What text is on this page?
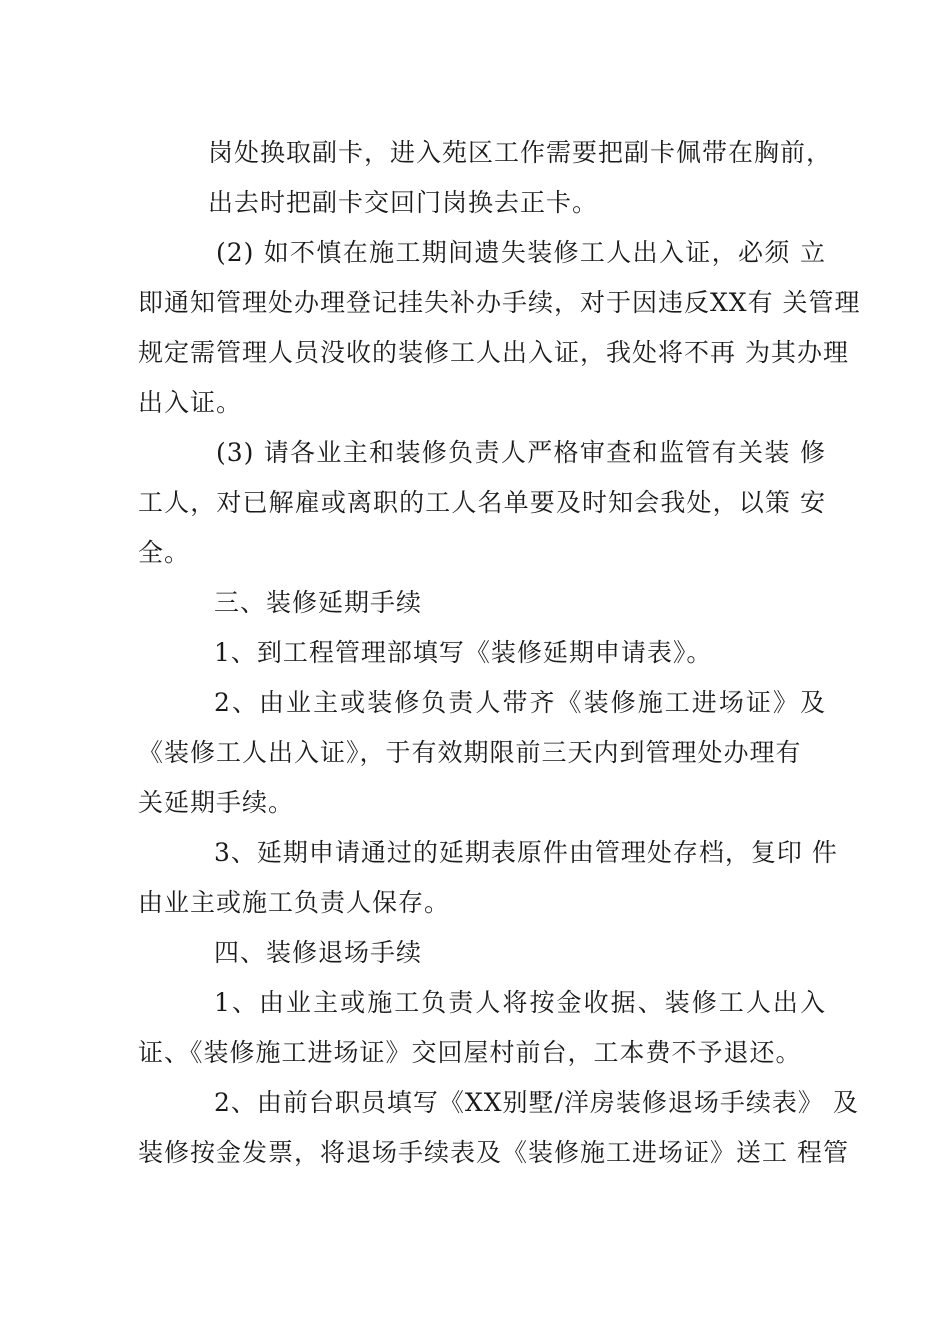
岗处换取副卡，进入苑区工作需要把副卡佩带在胸前，
出去时把副卡交回门岗换去正卡。
(2) 如不慎在施工期间遗失装修工人出入证，必须 立
即通知管理处办理登记挂失补办手续，对于因违反XX有 关管理
规定需管理人员没收的装修工人出入证，我处将不再 为其办理
出入证。
(3) 请各业主和装修负责人严格审查和监管有关装 修
工人，对已解雇或离职的工人名单要及时知会我处，以策 安
全。
三、装修延期手续
1、到工程管理部填写《装修延期申请表》。
2、由业主或装修负责人带齐《装修施工进场证》及
《装修工人出入证》，于有效期限前三天内到管理处办理有
关延期手续。
3、延期申请通过的延期表原件由管理处存档，复印 件
由业主或施工负责人保存。
四、装修退场手续
1、由业主或施工负责人将按金收据、装修工人出入
证、《装修施工进场证》交回屋村前台，工本费不予退还。
2、由前台职员填写《XX别墅/洋房装修退场手续表》 及
装修按金发票，将退场手续表及《装修施工进场证》送工 程管
